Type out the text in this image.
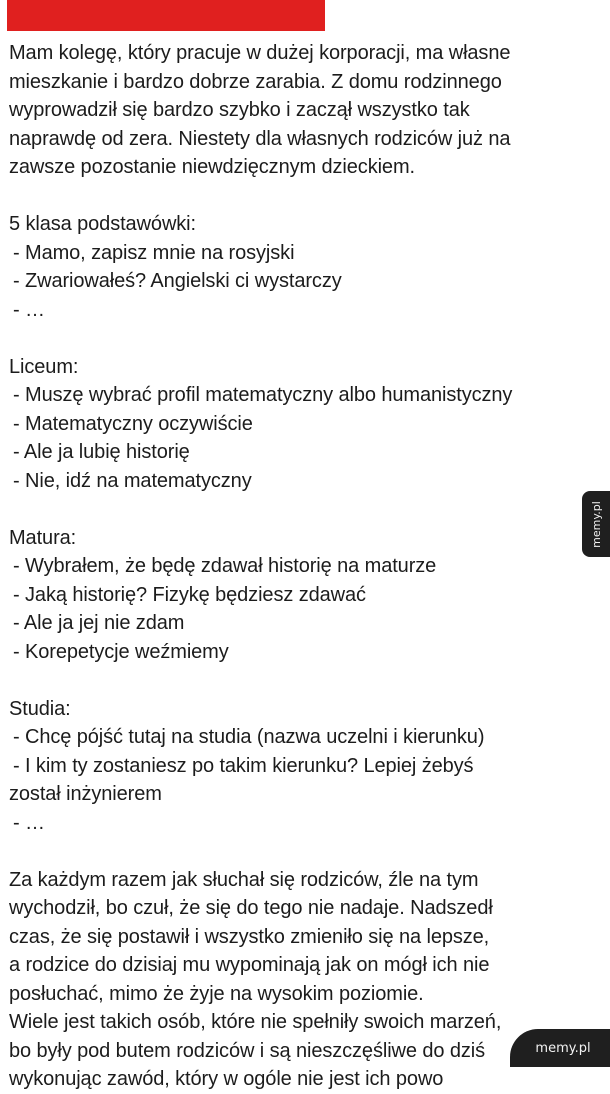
Mam kolegę, który pracuje w dużej korporacji, ma własne
mieszkanie i bardzo dobrze zarabia. Z domu rodzinnego
wyprowadził się bardzo szybko i zaczął wszystko tak
naprawdę od zera. Niestety dla własnych rodziców już na
zawsze pozostanie niewdzięcznym dzieckiem.
5 klasa podstawówki:
- Mamo, zapisz mnie na rosyjski
- Zwariowałeś? Angielski ci wystarczy
- …
Liceum:
- Muszę wybrać profil matematyczny albo humanistyczny
- Matematyczny oczywiście
- Ale ja lubię historię
- Nie, idź na matematyczny
Matura:
- Wybrałem, że będę zdawał historię na maturze
- Jaką historię? Fizykę będziesz zdawać
- Ale ja jej nie zdam
- Korepetycje weźmiemy
Studia:
- Chcę pójść tutaj na studia (nazwa uczelni i kierunku)
- I kim ty zostaniesz po takim kierunku? Lepiej żebyś
został inżynierem
- …
Za każdym razem jak słuchał się rodziców, źle na tym
wychodził, bo czuł, że się do tego nie nadaje. Nadszedł
czas, że się postawił i wszystko zmieniło się na lepsze,
a rodzice do dzisiaj mu wypominają jak on mógł ich nie
posłuchać, mimo że żyje na wysokim poziomie.
Wiele jest takich osób, które nie spełniły swoich marzeń,
bo były pod butem rodziców i są nieszczęśliwe do dziś
wykonując zawód, który w ogóle nie jest ich powo
memy.pl
memy.pl
